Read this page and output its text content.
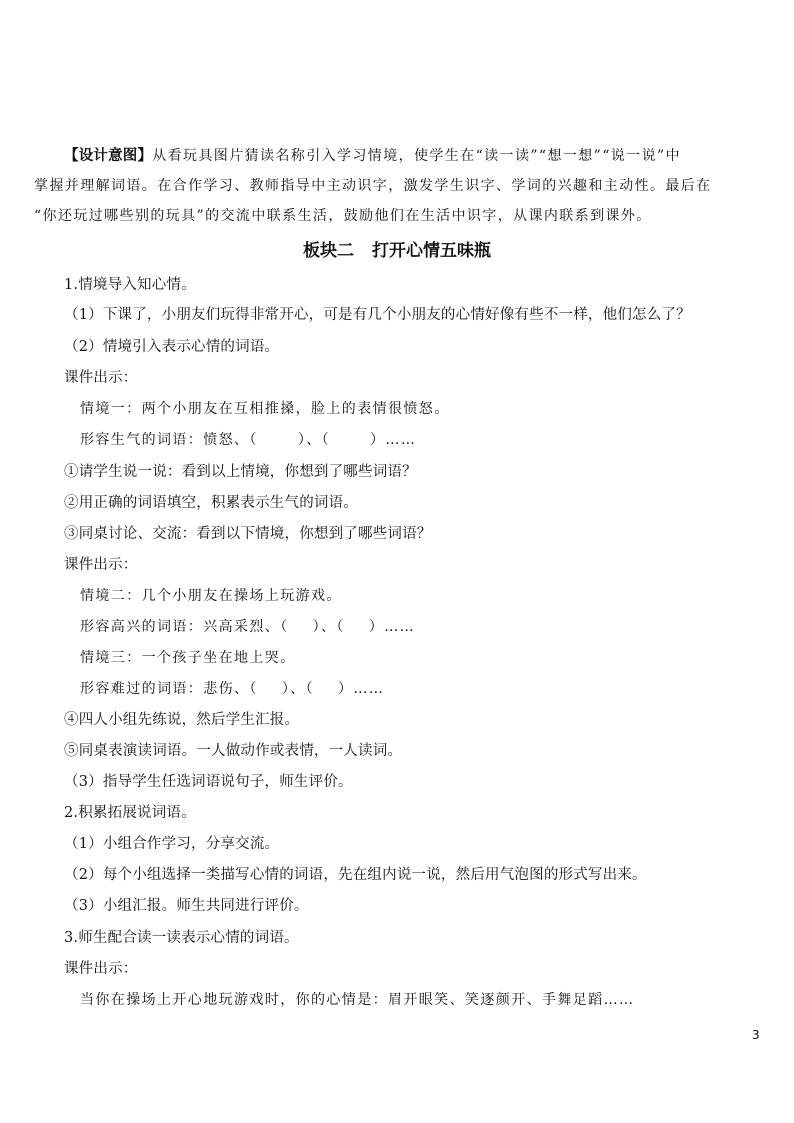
【设计意图】从看玩具图片猜读名称引入学习情境，使学生在“读一读”“想一想”“说一说”中
掌握并理解词语。在合作学习、教师指导中主动识字，激发学生识字、学词的兴趣和主动性。最后在
“你还玩过哪些别的玩具”的交流中联系生活，鼓励他们在生活中识字，从课内联系到课外。
板块二 打开心情五味瓶
1.情境导入知心情。
（1）下课了，小朋友们玩得非常开心，可是有几个小朋友的心情好像有些不一样，他们怎么了？
（2）情境引入表示心情的词语。
课件出示：
情境一：两个小朋友在互相推搡，脸上的表情很愤怒。
形容生气的词语：愤怒、（	）、（	）……
①请学生说一说：看到以上情境，你想到了哪些词语？
②用正确的词语填空，积累表示生气的词语。
③同桌讨论、交流：看到以下情境，你想到了哪些词语？
课件出示：
情境二：几个小朋友在操场上玩游戏。
形容高兴的词语：兴高采烈、（ ）、（ ）……
情境三：一个孩子坐在地上哭。
形容难过的词语：悲伤、（ ）、（ ）……
④四人小组先练说，然后学生汇报。
⑤同桌表演读词语。一人做动作或表情，一人读词。
（3）指导学生任选词语说句子，师生评价。
2.积累拓展说词语。
（1）小组合作学习，分享交流。
（2）每个小组选择一类描写心情的词语，先在组内说一说，然后用气泡图的形式写出来。
（3）小组汇报。师生共同进行评价。
3.师生配合读一读表示心情的词语。
课件出示：
当你在操场上开心地玩游戏时，你的心情是：眉开眼笑、笑逐颜开、手舞足蹈……
3
